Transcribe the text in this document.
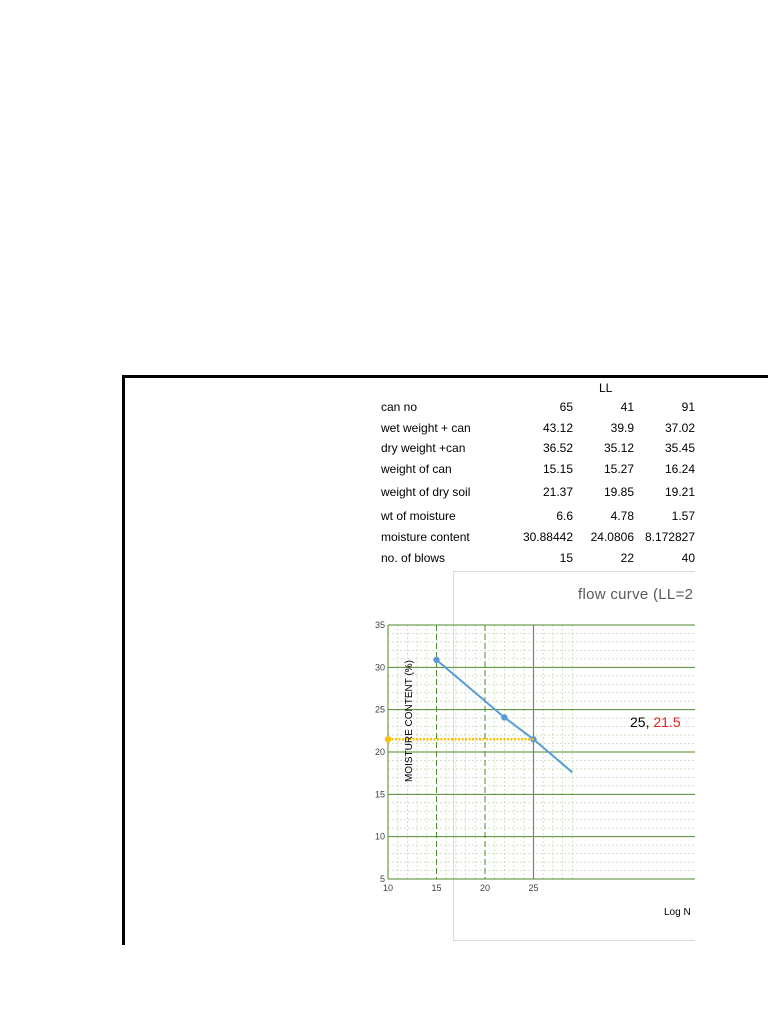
LL
can no	65	41	91
wet weight + can	43.12	39.9	37.02
dry weight +can	36.52	35.12	35.45
weight of can	15.15	15.27	16.24
weight of dry soil	21.37	19.85	19.21
wt of moisture	6.6	4.78	1.57
moisture content	30.88442	24.0806 8.172827
no. of blows	15	22	40
flow curve (LL=2
5
10
15
20
25
30
35
10	15	20	25
MOISTURE CONTENT (%)
Log N
25, 21.5
